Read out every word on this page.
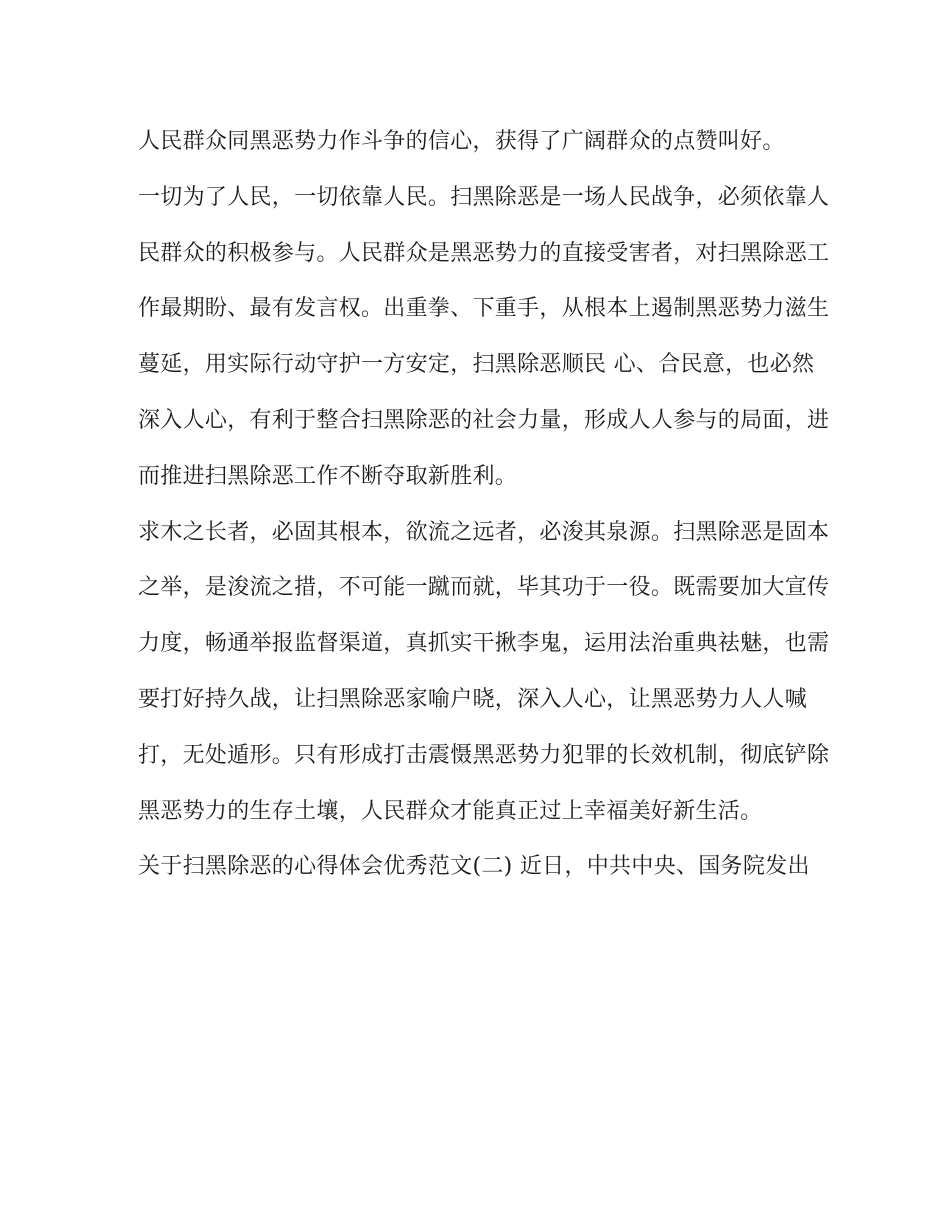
人民群众同黑恶势力作斗争的信心，获得了广阔群众的点赞叫好。
一切为了人民，一切依靠人民。扫黑除恶是一场人民战争，必须依靠人
民群众的积极参与。人民群众是黑恶势力的直接受害者，对扫黑除恶工
作最期盼、最有发言权。出重拳、下重手，从根本上遏制黑恶势力滋生
蔓延，用实际行动守护一方安定，扫黑除恶顺民 心、合民意，也必然
深入人心，有利于整合扫黑除恶的社会力量，形成人人参与的局面，进
而推进扫黑除恶工作不断夺取新胜利。
求木之长者，必固其根本，欲流之远者，必浚其泉源。扫黑除恶是固本
之举，是浚流之措，不可能一蹴而就，毕其功于一役。既需要加大宣传
力度，畅通举报监督渠道，真抓实干揪李鬼，运用法治重典祛魅，也需
要打好持久战，让扫黑除恶家喻户晓，深入人心，让黑恶势力人人喊
打，无处遁形。只有形成打击震慑黑恶势力犯罪的长效机制，彻底铲除
黑恶势力的生存土壤，人民群众才能真正过上幸福美好新生活。
关于扫黑除恶的心得体会优秀范文(二) 近日，中共中央、国务院发出
